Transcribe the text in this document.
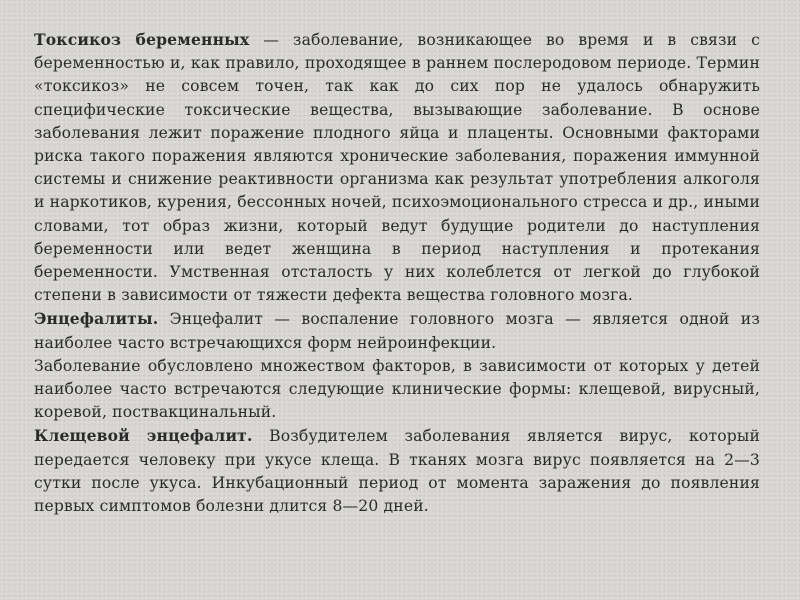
Токсикоз беременных — заболевание, возникающее во время и в связи с беременностью и, как правило, проходящее в раннем послеродовом периоде. Термин «токсикоз» не совсем точен, так как до сих пор не удалось обнаружить специфические токсические вещества, вызывающие заболевание. В основе заболевания лежит поражение плодного яйца и плаценты. Основными факторами риска такого поражения являются хронические заболевания, поражения иммунной системы и снижение реактивности организма как результат употребления алкоголя и наркотиков, курения, бессонных ночей, психоэмоционального стресса и др., иными словами, тот образ жизни, который ведут будущие родители до наступления беременности или ведет женщина в период наступления и протекания беременности. Умственная отсталость у них колеблется от легкой до глубокой степени в зависимости от тяжести дефекта вещества головного мозга.

Энцефалиты. Энцефалит — воспаление головного мозга — является одной из наиболее часто встречающихся форм нейроинфекции.

Заболевание обусловлено множеством факторов, в зависимости от которых у детей наиболее часто встречаются следующие клинические формы: клещевой, вирусный, коревой, поствакцинальный.

Клещевой энцефалит. Возбудителем заболевания является вирус, который передается человеку при укусе клеща. В тканях мозга вирус появляется на 2—3 сутки после укуса. Инкубационный период от момента заражения до появления первых симптомов болезни длится 8—20 дней.
